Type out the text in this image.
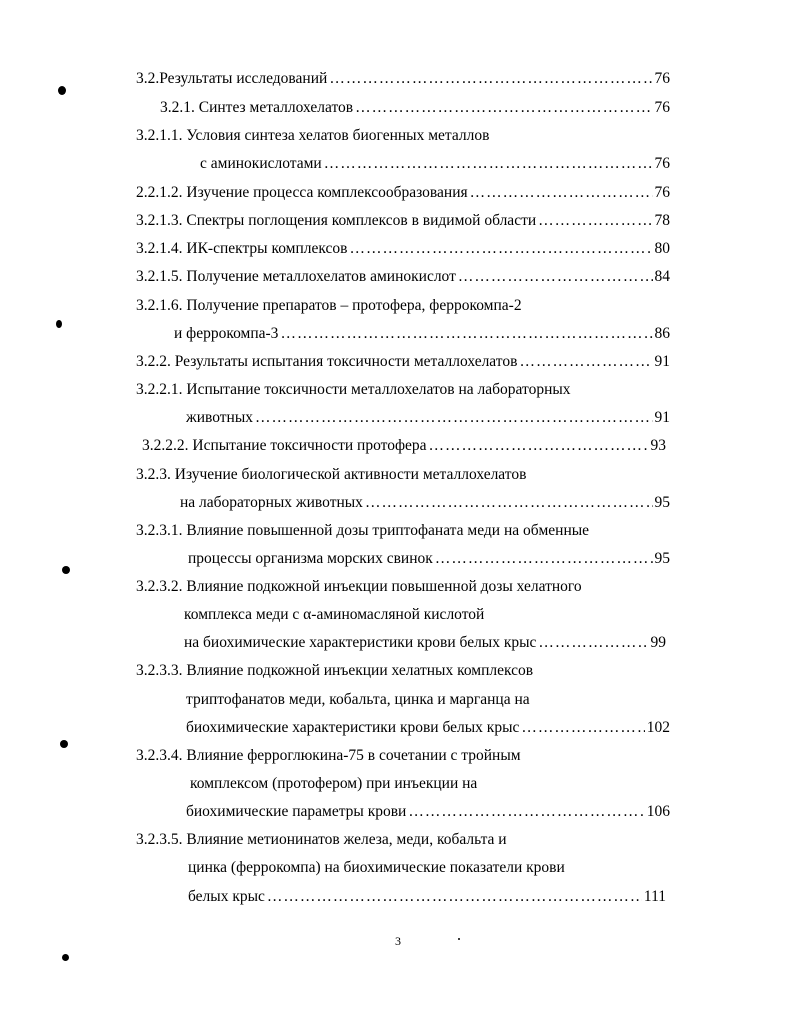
3.2.Результаты исследований …………………………………………………………………………………………………………………………………………………………………………………………………………	76
3.2.1. Синтез металлохелатов …………………………………………………………………………………………………………………………………………………………………………………………………………	76
3.2.1.1. Условия синтеза хелатов биогенных металлов
с аминокислотами …………………………………………………………………………………………………………………………………………………………………………………………………………	76
2.2.1.2. Изучение процесса комплексообразования …………………………………………………………………………………………………………………………………………………………………………………………………………	76
3.2.1.3. Спектры поглощения комплексов в видимой области …………………………………………………………………………………………………………………………………………………………………………………………………………	78
3.2.1.4. ИК-спектры комплексов …………………………………………………………………………………………………………………………………………………………………………………………………………	80
3.2.1.5. Получение металлохелатов аминокислот …………………………………………………………………………………………………………………………………………………………………………………………………………	84
3.2.1.6. Получение препаратов – протофера, феррокомпа-2
и феррокомпа-3 …………………………………………………………………………………………………………………………………………………………………………………………………………	86
3.2.2. Результаты испытания токсичности металлохелатов …………………………………………………………………………………………………………………………………………………………………………………………………………	91
3.2.2.1. Испытание токсичности металлохелатов на лабораторных
животных …………………………………………………………………………………………………………………………………………………………………………………………………………	91
3.2.2.2. Испытание токсичности протофера …………………………………………………………………………………………………………………………………………………………………………………………………………	93
3.2.3. Изучение биологической активности металлохелатов
на лабораторных животных …………………………………………………………………………………………………………………………………………………………………………………………………………	95
3.2.3.1. Влияние повышенной дозы триптофаната меди на обменные
процессы организма морских свинок …………………………………………………………………………………………………………………………………………………………………………………………………………	95
3.2.3.2. Влияние подкожной инъекции повышенной дозы хелатного
комплекса меди с α-аминомасляной кислотой
на биохимические характеристики крови белых крыс …………………………………………………………………………………………………………………………………………………………………………………………………………	99
3.2.3.3. Влияние подкожной инъекции хелатных комплексов
триптофанатов меди, кобальта, цинка и марганца на
биохимические характеристики крови белых крыс …………………………………………………………………………………………………………………………………………………………………………………………………………	102
3.2.3.4. Влияние ферроглюкина-75 в сочетании с тройным
комплексом (протофером) при инъекции на
биохимические параметры крови …………………………………………………………………………………………………………………………………………………………………………………………………………	106
3.2.3.5. Влияние метионинатов железа, меди, кобальта и
цинка (феррокомпа) на биохимические показатели крови
белых крыс …………………………………………………………………………………………………………………………………………………………………………………………………………	111
3
